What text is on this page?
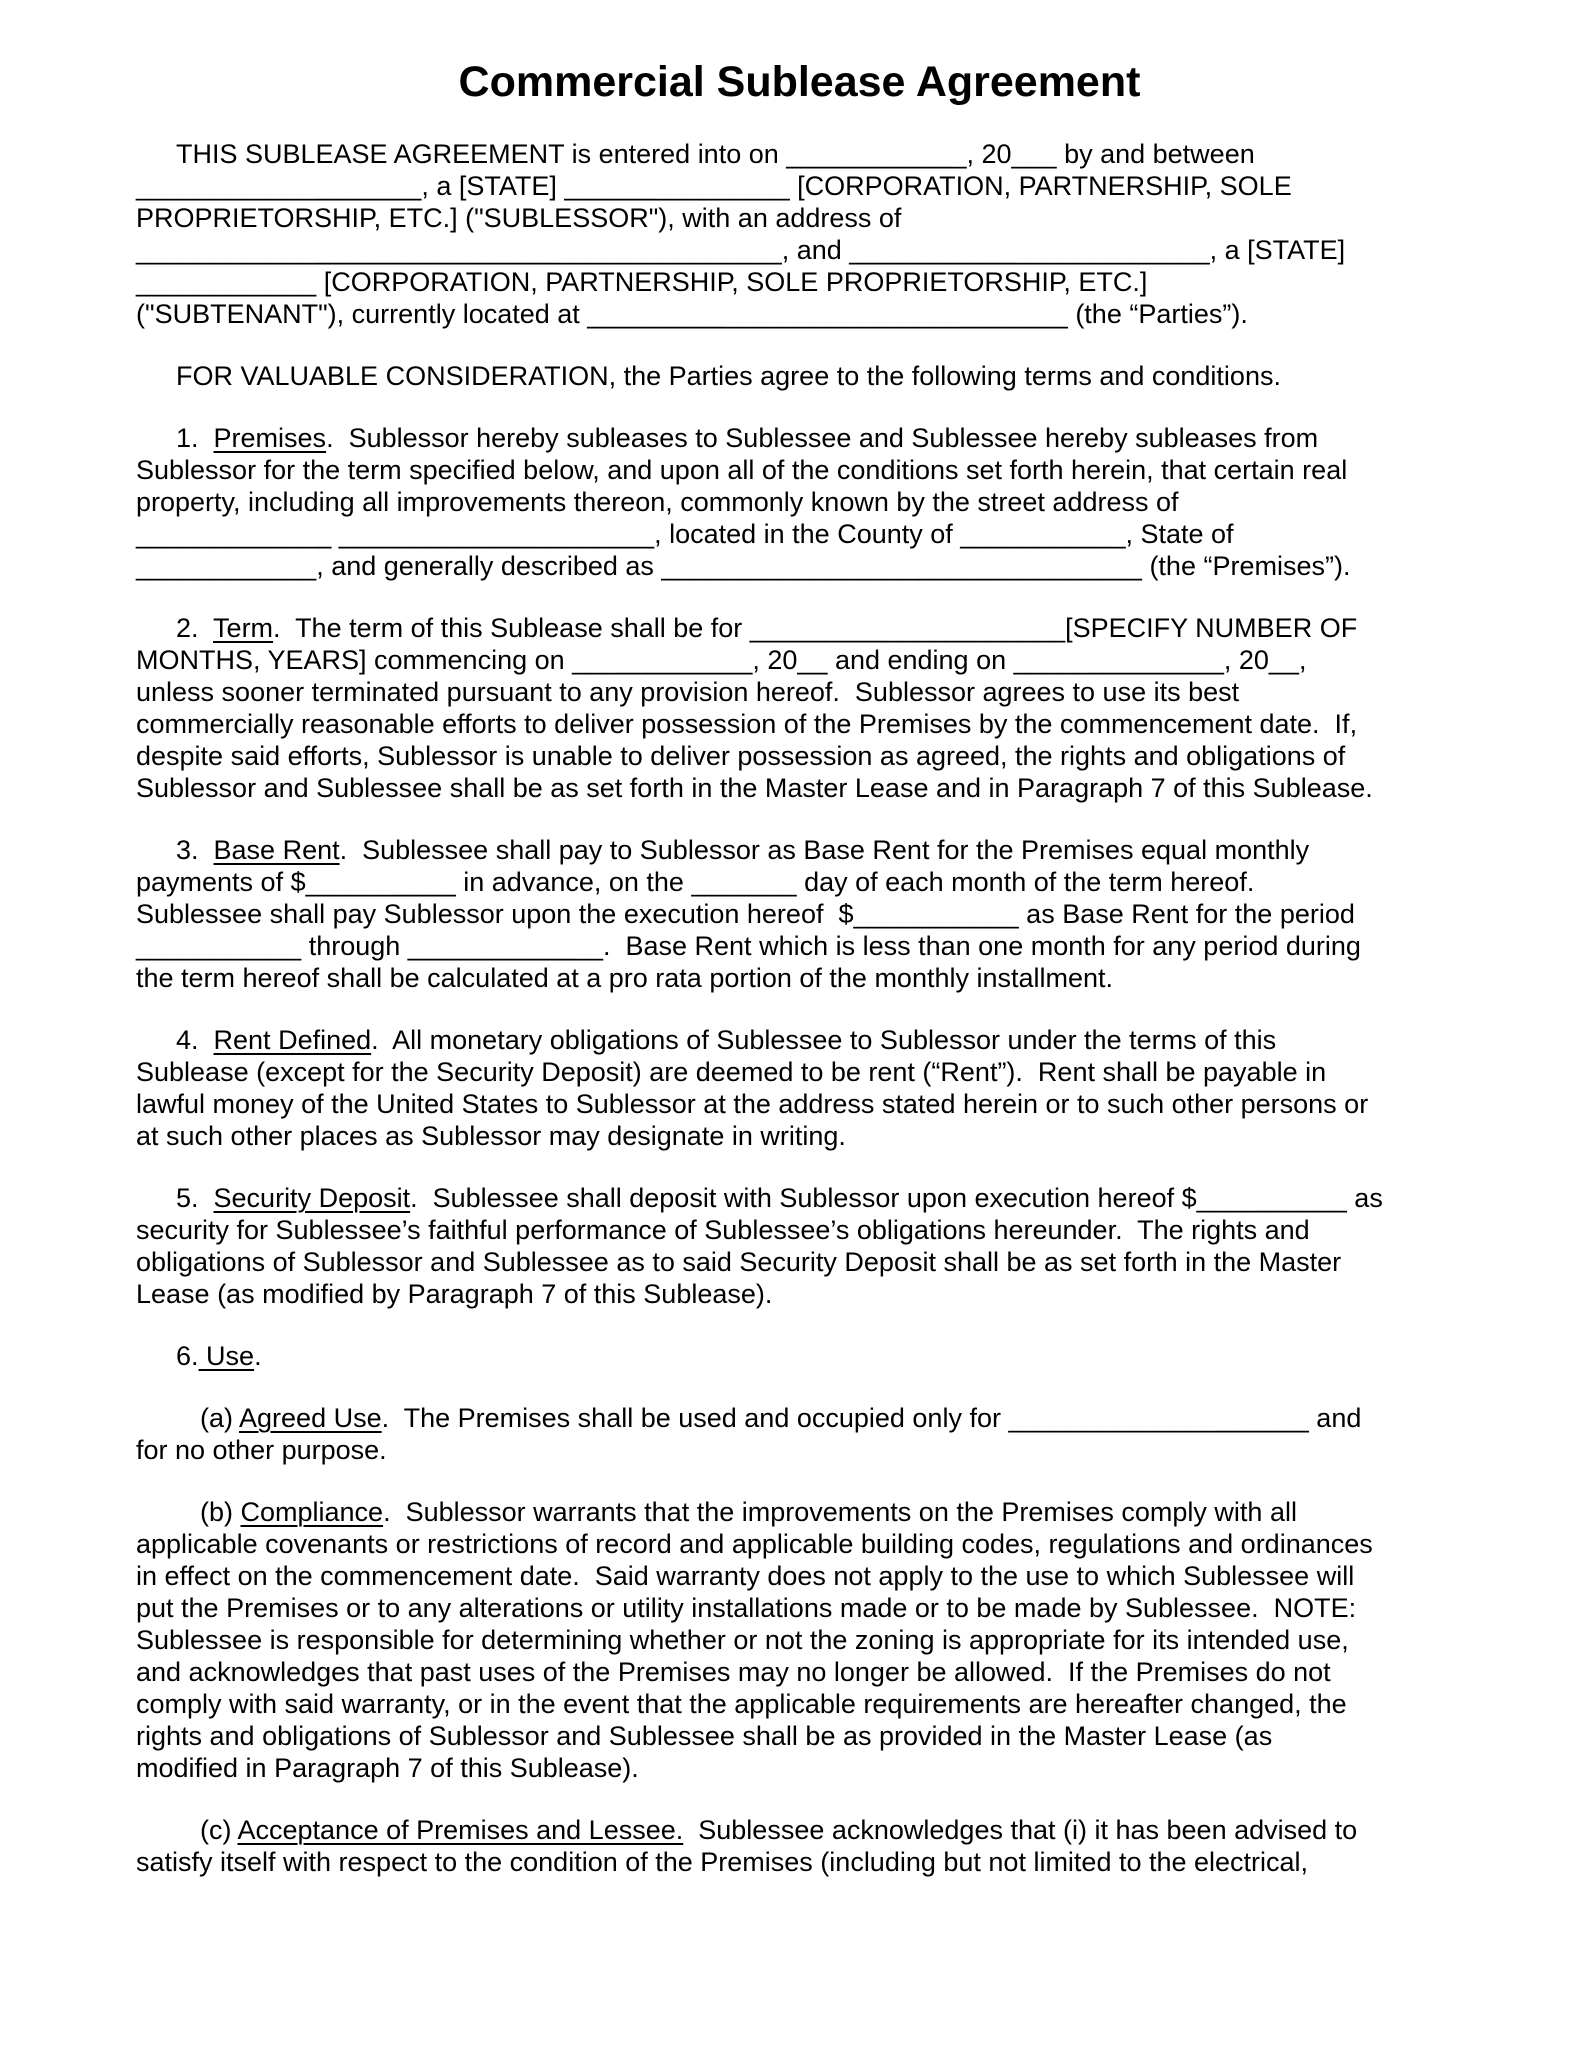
Commercial Sublease Agreement

THIS SUBLEASE AGREEMENT is entered into on ____________, 20___ by and between
___________________, a [STATE] _______________ [CORPORATION, PARTNERSHIP, SOLE
PROPRIETORSHIP, ETC.] ("SUBLESSOR"), with an address of
___________________________________________, and ________________________, a [STATE]
____________ [CORPORATION, PARTNERSHIP, SOLE PROPRIETORSHIP, ETC.]
("SUBTENANT"), currently located at ________________________________ (the “Parties”).

FOR VALUABLE CONSIDERATION, the Parties agree to the following terms and conditions.

1.  Premises.  Sublessor hereby subleases to Sublessee and Sublessee hereby subleases from
Sublessor for the term specified below, and upon all of the conditions set forth herein, that certain real
property, including all improvements thereon, commonly known by the street address of
_____________ _____________________, located in the County of ___________, State of
____________, and generally described as ________________________________ (the “Premises”).

2.  Term.  The term of this Sublease shall be for _____________________[SPECIFY NUMBER OF
MONTHS, YEARS] commencing on ____________, 20__ and ending on ______________, 20__,
unless sooner terminated pursuant to any provision hereof.  Sublessor agrees to use its best
commercially reasonable efforts to deliver possession of the Premises by the commencement date.  If,
despite said efforts, Sublessor is unable to deliver possession as agreed, the rights and obligations of
Sublessor and Sublessee shall be as set forth in the Master Lease and in Paragraph 7 of this Sublease.

3.  Base Rent.  Sublessee shall pay to Sublessor as Base Rent for the Premises equal monthly
payments of $__________ in advance, on the _______ day of each month of the term hereof.
Sublessee shall pay Sublessor upon the execution hereof  $___________ as Base Rent for the period
___________ through _____________.  Base Rent which is less than one month for any period during
the term hereof shall be calculated at a pro rata portion of the monthly installment.

4.  Rent Defined.  All monetary obligations of Sublessee to Sublessor under the terms of this
Sublease (except for the Security Deposit) are deemed to be rent (“Rent”).  Rent shall be payable in
lawful money of the United States to Sublessor at the address stated herein or to such other persons or
at such other places as Sublessor may designate in writing.

5.  Security Deposit.  Sublessee shall deposit with Sublessor upon execution hereof $__________ as
security for Sublessee’s faithful performance of Sublessee’s obligations hereunder.  The rights and
obligations of Sublessor and Sublessee as to said Security Deposit shall be as set forth in the Master
Lease (as modified by Paragraph 7 of this Sublease).

6. Use.

(a) Agreed Use.  The Premises shall be used and occupied only for ____________________ and
for no other purpose.

(b) Compliance.  Sublessor warrants that the improvements on the Premises comply with all
applicable covenants or restrictions of record and applicable building codes, regulations and ordinances
in effect on the commencement date.  Said warranty does not apply to the use to which Sublessee will
put the Premises or to any alterations or utility installations made or to be made by Sublessee.  NOTE:
Sublessee is responsible for determining whether or not the zoning is appropriate for its intended use,
and acknowledges that past uses of the Premises may no longer be allowed.  If the Premises do not
comply with said warranty, or in the event that the applicable requirements are hereafter changed, the
rights and obligations of Sublessor and Sublessee shall be as provided in the Master Lease (as
modified in Paragraph 7 of this Sublease).

(c) Acceptance of Premises and Lessee.  Sublessee acknowledges that (i) it has been advised to
satisfy itself with respect to the condition of the Premises (including but not limited to the electrical,
